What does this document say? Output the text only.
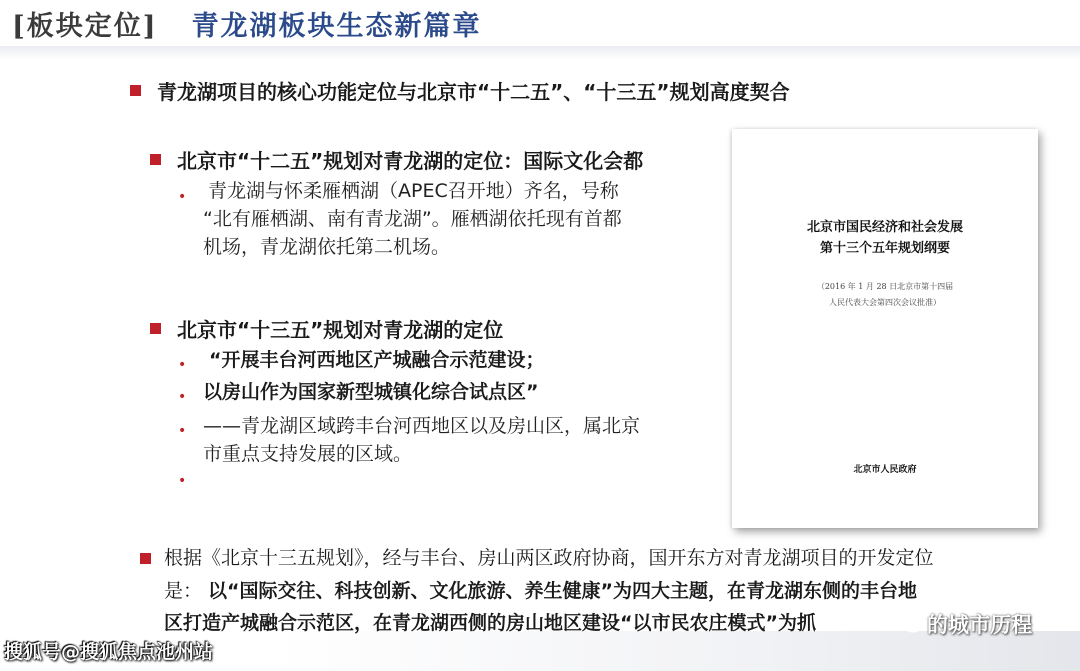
[板块定位] 青龙湖板块生态新篇章
青龙湖项目的核心功能定位与北京市“十二五”、“十三五”规划高度契合
北京市“十二五”规划对青龙湖的定位：国际文化会都
• 青龙湖与怀柔雁栖湖（APEC召开地）齐名，号称
“北有雁栖湖、南有青龙湖”。雁栖湖依托现有首都
机场，青龙湖依托第二机场。
北京市“十三五”规划对青龙湖的定位
• “开展丰台河西地区产城融合示范建设；
• 以房山作为国家新型城镇化综合试点区”
• ——青龙湖区域跨丰台河西地区以及房山区，属北京
市重点支持发展的区域。
•
北京市国民经济和社会发展
第十三个五年规划纲要
（2016 年 1 月 28 日北京市第十四届
人民代表大会第四次会议批准）
北京市人民政府
根据《北京十三五规划》，经与丰台、房山两区政府协商，国开东方对青龙湖项目的开发定位
是： 以“国际交往、科技创新、文化旅游、养生健康”为四大主题，在青龙湖东侧的丰台地
区打造产城融合示范区，在青龙湖西侧的房山地区建设“以市民农庄模式”为抓
搜狐号@搜狐焦点池州站
的城市历程
